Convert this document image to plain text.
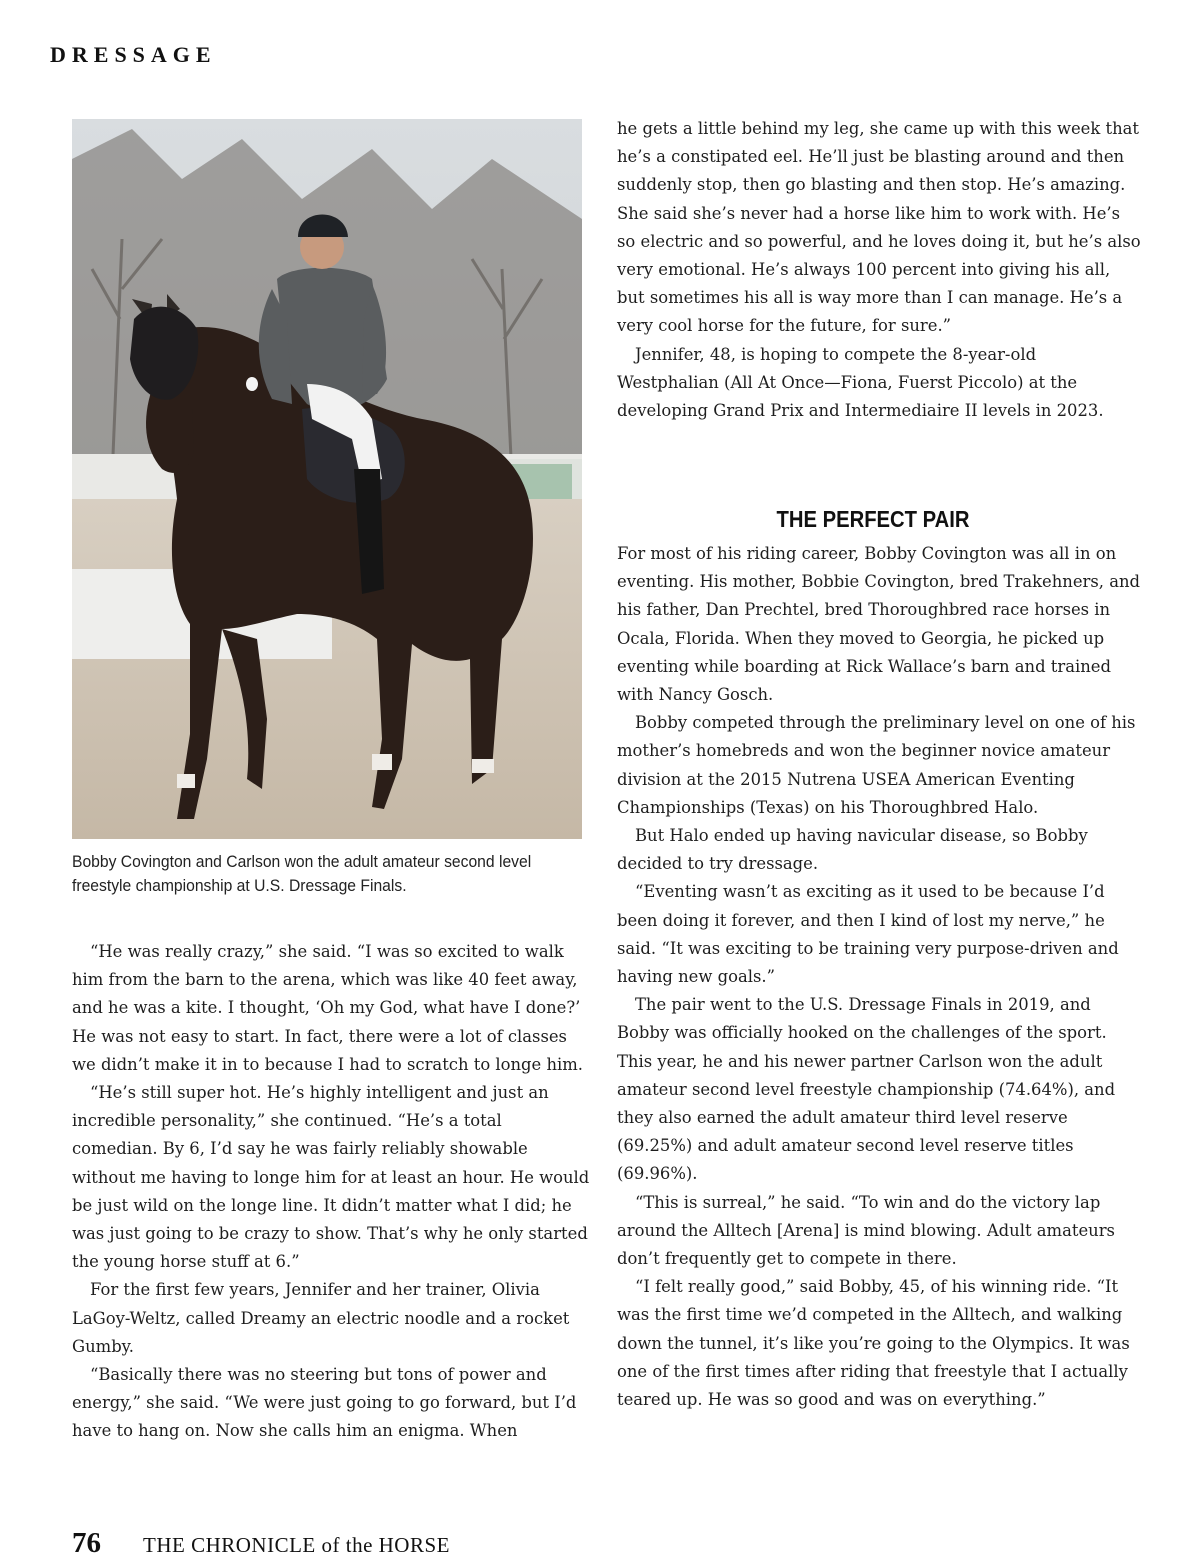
DRESSAGE
Bobby Covington and Carlson won the adult amateur second level freestyle championship at U.S. Dressage Finals.

“He was really crazy,” she said. “I was so excited to walk him from the barn to the arena, which was like 40 feet away, and he was a kite. I thought, ‘Oh my God, what have I done?’ He was not easy to start. In fact, there were a lot of classes we didn’t make it in to because I had to scratch to longe him.

“He’s still super hot. He’s highly intelligent and just an incredible personality,” she continued. “He’s a total comedian. By 6, I’d say he was fairly reliably showable without me having to longe him for at least an hour. He would be just wild on the longe line. It didn’t matter what I did; he was just going to be crazy to show. That’s why he only started the young horse stuff at 6.”

For the first few years, Jennifer and her trainer, Olivia LaGoy-Weltz, called Dreamy an electric noodle and a rocket Gumby.

“Basically there was no steering but tons of power and energy,” she said. “We were just going to go forward, but I’d have to hang on. Now she calls him an enigma. When

he gets a little behind my leg, she came up with this week that he’s a constipated eel. He’ll just be blasting around and then suddenly stop, then go blasting and then stop. He’s amazing. She said she’s never had a horse like him to work with. He’s so electric and so powerful, and he loves doing it, but he’s also very emotional. He’s always 100 percent into giving his all, but sometimes his all is way more than I can manage. He’s a very cool horse for the future, for sure.”

Jennifer, 48, is hoping to compete the 8-year-old Westphalian (All At Once—Fiona, Fuerst Piccolo) at the developing Grand Prix and Intermediaire II levels in 2023.

THE PERFECT PAIR

For most of his riding career, Bobby Covington was all in on eventing. His mother, Bobbie Covington, bred Trakehners, and his father, Dan Prechtel, bred Thoroughbred race horses in Ocala, Florida. When they moved to Georgia, he picked up eventing while boarding at Rick Wallace’s barn and trained with Nancy Gosch.

Bobby competed through the preliminary level on one of his mother’s homebreds and won the beginner novice amateur division at the 2015 Nutrena USEA American Eventing Championships (Texas) on his Thoroughbred Halo.

But Halo ended up having navicular disease, so Bobby decided to try dressage.

“Eventing wasn’t as exciting as it used to be because I’d been doing it forever, and then I kind of lost my nerve,” he said. “It was exciting to be training very purpose-driven and having new goals.”

The pair went to the U.S. Dressage Finals in 2019, and Bobby was officially hooked on the challenges of the sport. This year, he and his newer partner Carlson won the adult amateur second level freestyle championship (74.64%), and they also earned the adult amateur third level reserve (69.25%) and adult amateur second level reserve titles (69.96%).

“This is surreal,” he said. “To win and do the victory lap around the Alltech [Arena] is mind blowing. Adult amateurs don’t frequently get to compete in there.

“I felt really good,” said Bobby, 45, of his winning ride. “It was the first time we’d competed in the Alltech, and walking down the tunnel, it’s like you’re going to the Olympics. It was one of the first times after riding that freestyle that I actually teared up. He was so good and was on everything.”

76 THE CHRONICLE of the HORSE
